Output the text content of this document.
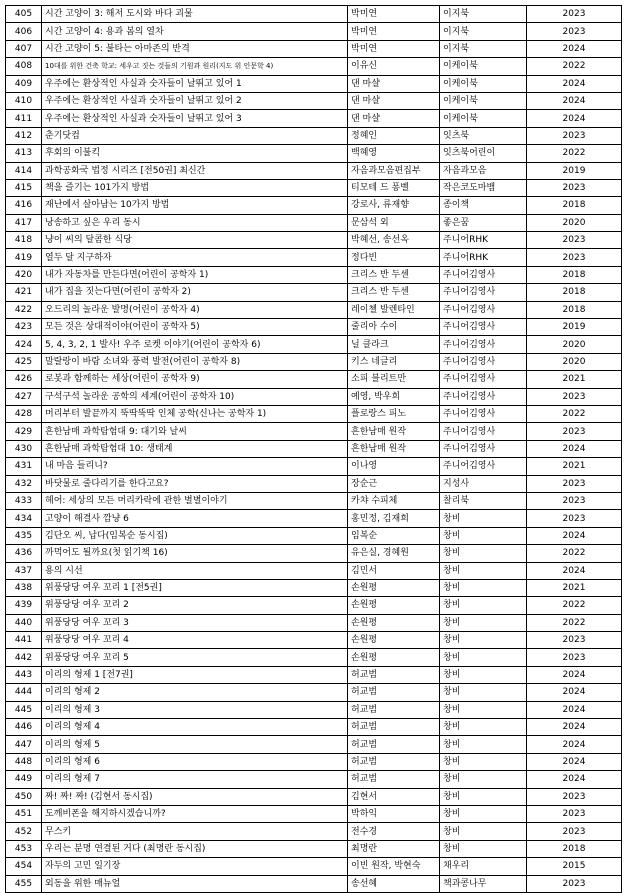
405	시간 고양이 3: 해저 도시와 바다 괴물	박미연	이지북	2023
406	시간 고양이 4: 용과 봄의 열차	박미연	이지북	2023
407	시간 고양이 5: 불타는 아마존의 반격	박미연	이지북	2024
408	10대를 위한 건축 학교: 세우고 짓는 것들의 기원과 원리(지도 위 인문학 4)	이유신	이케이북	2022
409	우주에는 환상적인 사실과 숫자들이 날뛰고 있어 1	댄 마샬	이케이북	2024
410	우주에는 환상적인 사실과 숫자들이 날뛰고 있어 2	댄 마샬	이케이북	2024
411	우주에는 환상적인 사실과 숫자들이 날뛰고 있어 3	댄 마샬	이케이북	2024
412	춘기닷컴	정혜인	잇츠북	2023
413	후회의 이불킥	백혜영	잇츠북어린이	2022
414	과학공화국 법정 시리즈 [전50권] 최신간	자음과모음편집부	자음과모음	2019
415	책을 즐기는 101가지 방법	티모테 드 퐁벨	작은코도마뱀	2023
416	재난에서 살아남는 10가지 방법	강로사, 류재향	종이책	2018
417	낭송하고 싶은 우리 동시	문삼석 외	좋은꿈	2020
418	냥이 씨의 달콤한 식당	박혜선, 송선옥	주니어RHK	2023
419	열두 달 지구하자	정다빈	주니어RHK	2023
420	내가 자동차를 만든다면(어린이 공학자 1)	크리스 반 두센	주니어김영사	2018
421	내가 집을 짓는다면(어린이 공학자 2)	크리스 반 두센	주니어김영사	2018
422	오드리의 놀라운 발명(어린이 공학자 4)	레이첼 발렌타인	주니어김영사	2018
423	모든 것은 상대적이야(어린이 공학자 5)	줄리아 수이	주니어김영사	2019
424	5, 4, 3, 2, 1 발사! 우주 로켓 이야기(어린이 공학자 6)	닐 클라크	주니어김영사	2020
425	말랄랑이 바람 소녀와 풍력 발전(어린이 공학자 8)	키스 네글리	주니어김영사	2020
426	로봇과 함께하는 세상(어린이 공학자 9)	소피 블리트만	주니어김영사	2021
427	구석구석 놀라운 공학의 세계(어린이 공학자 10)	예영, 박우희	주니어김영사	2023
428	머리부터 발끝까지 뚝딱뚝딱 인체 공학(신나는 공학자 1)	플로랑스 피노	주니어김영사	2022
429	흔한남매 과학탐험대 9: 대기와 날씨	흔한남매 원작	주니어김영사	2023
430	흔한남매 과학탐험대 10: 생태계	흔한남매 원작	주니어김영사	2024
431	내 마음 들리니?	이나영	주니어김영사	2021
432	바닷물로 줄다리기를 한다고요?	장순근	지성사	2023
433	헤어: 세상의 모든 머리카락에 관한 별별이야기	카챠 수피체	찰리북	2023
434	고양이 해결사 깜냥 6	홍민정, 김재희	창비	2023
435	김단오 씨, 납다(임복순 동시집)	임복순	창비	2024
436	까먹어도 될까요(첫 읽기책 16)	유은실, 경혜원	창비	2022
437	용의 시선	김민서	창비	2024
438	위풍당당 여우 꼬리 1 [전5권]	손원평	창비	2021
439	위풍당당 여우 꼬리 2	손원평	창비	2022
440	위풍당당 여우 꼬리 3	손원평	창비	2022
441	위풍당당 여우 꼬리 4	손원평	창비	2023
442	위풍당당 여우 꼬리 5	손원평	창비	2023
443	이리의 형제 1 [전7권]	허교범	창비	2024
444	이리의 형제 2	허교범	창비	2024
445	이리의 형제 3	허교범	창비	2024
446	이리의 형제 4	허교범	창비	2024
447	이리의 형제 5	허교범	창비	2024
448	이리의 형제 6	허교범	창비	2024
449	이리의 형제 7	허교범	창비	2024
450	짜! 짜! 짜! (김현서 동시집)	김현서	창비	2023
451	도깨비폰을 해지하시겠습니까?	박하익	창비	2023
452	무스키	전수경	창비	2023
453	우리는 분명 연결된 거다 (최명란 동시집)	최명란	창비	2018
454	자두의 고민 일기장	이빈 원작, 박현숙	채우리	2015
455	외동을 위한 매뉴얼	송선혜	책과콩나무	2023
